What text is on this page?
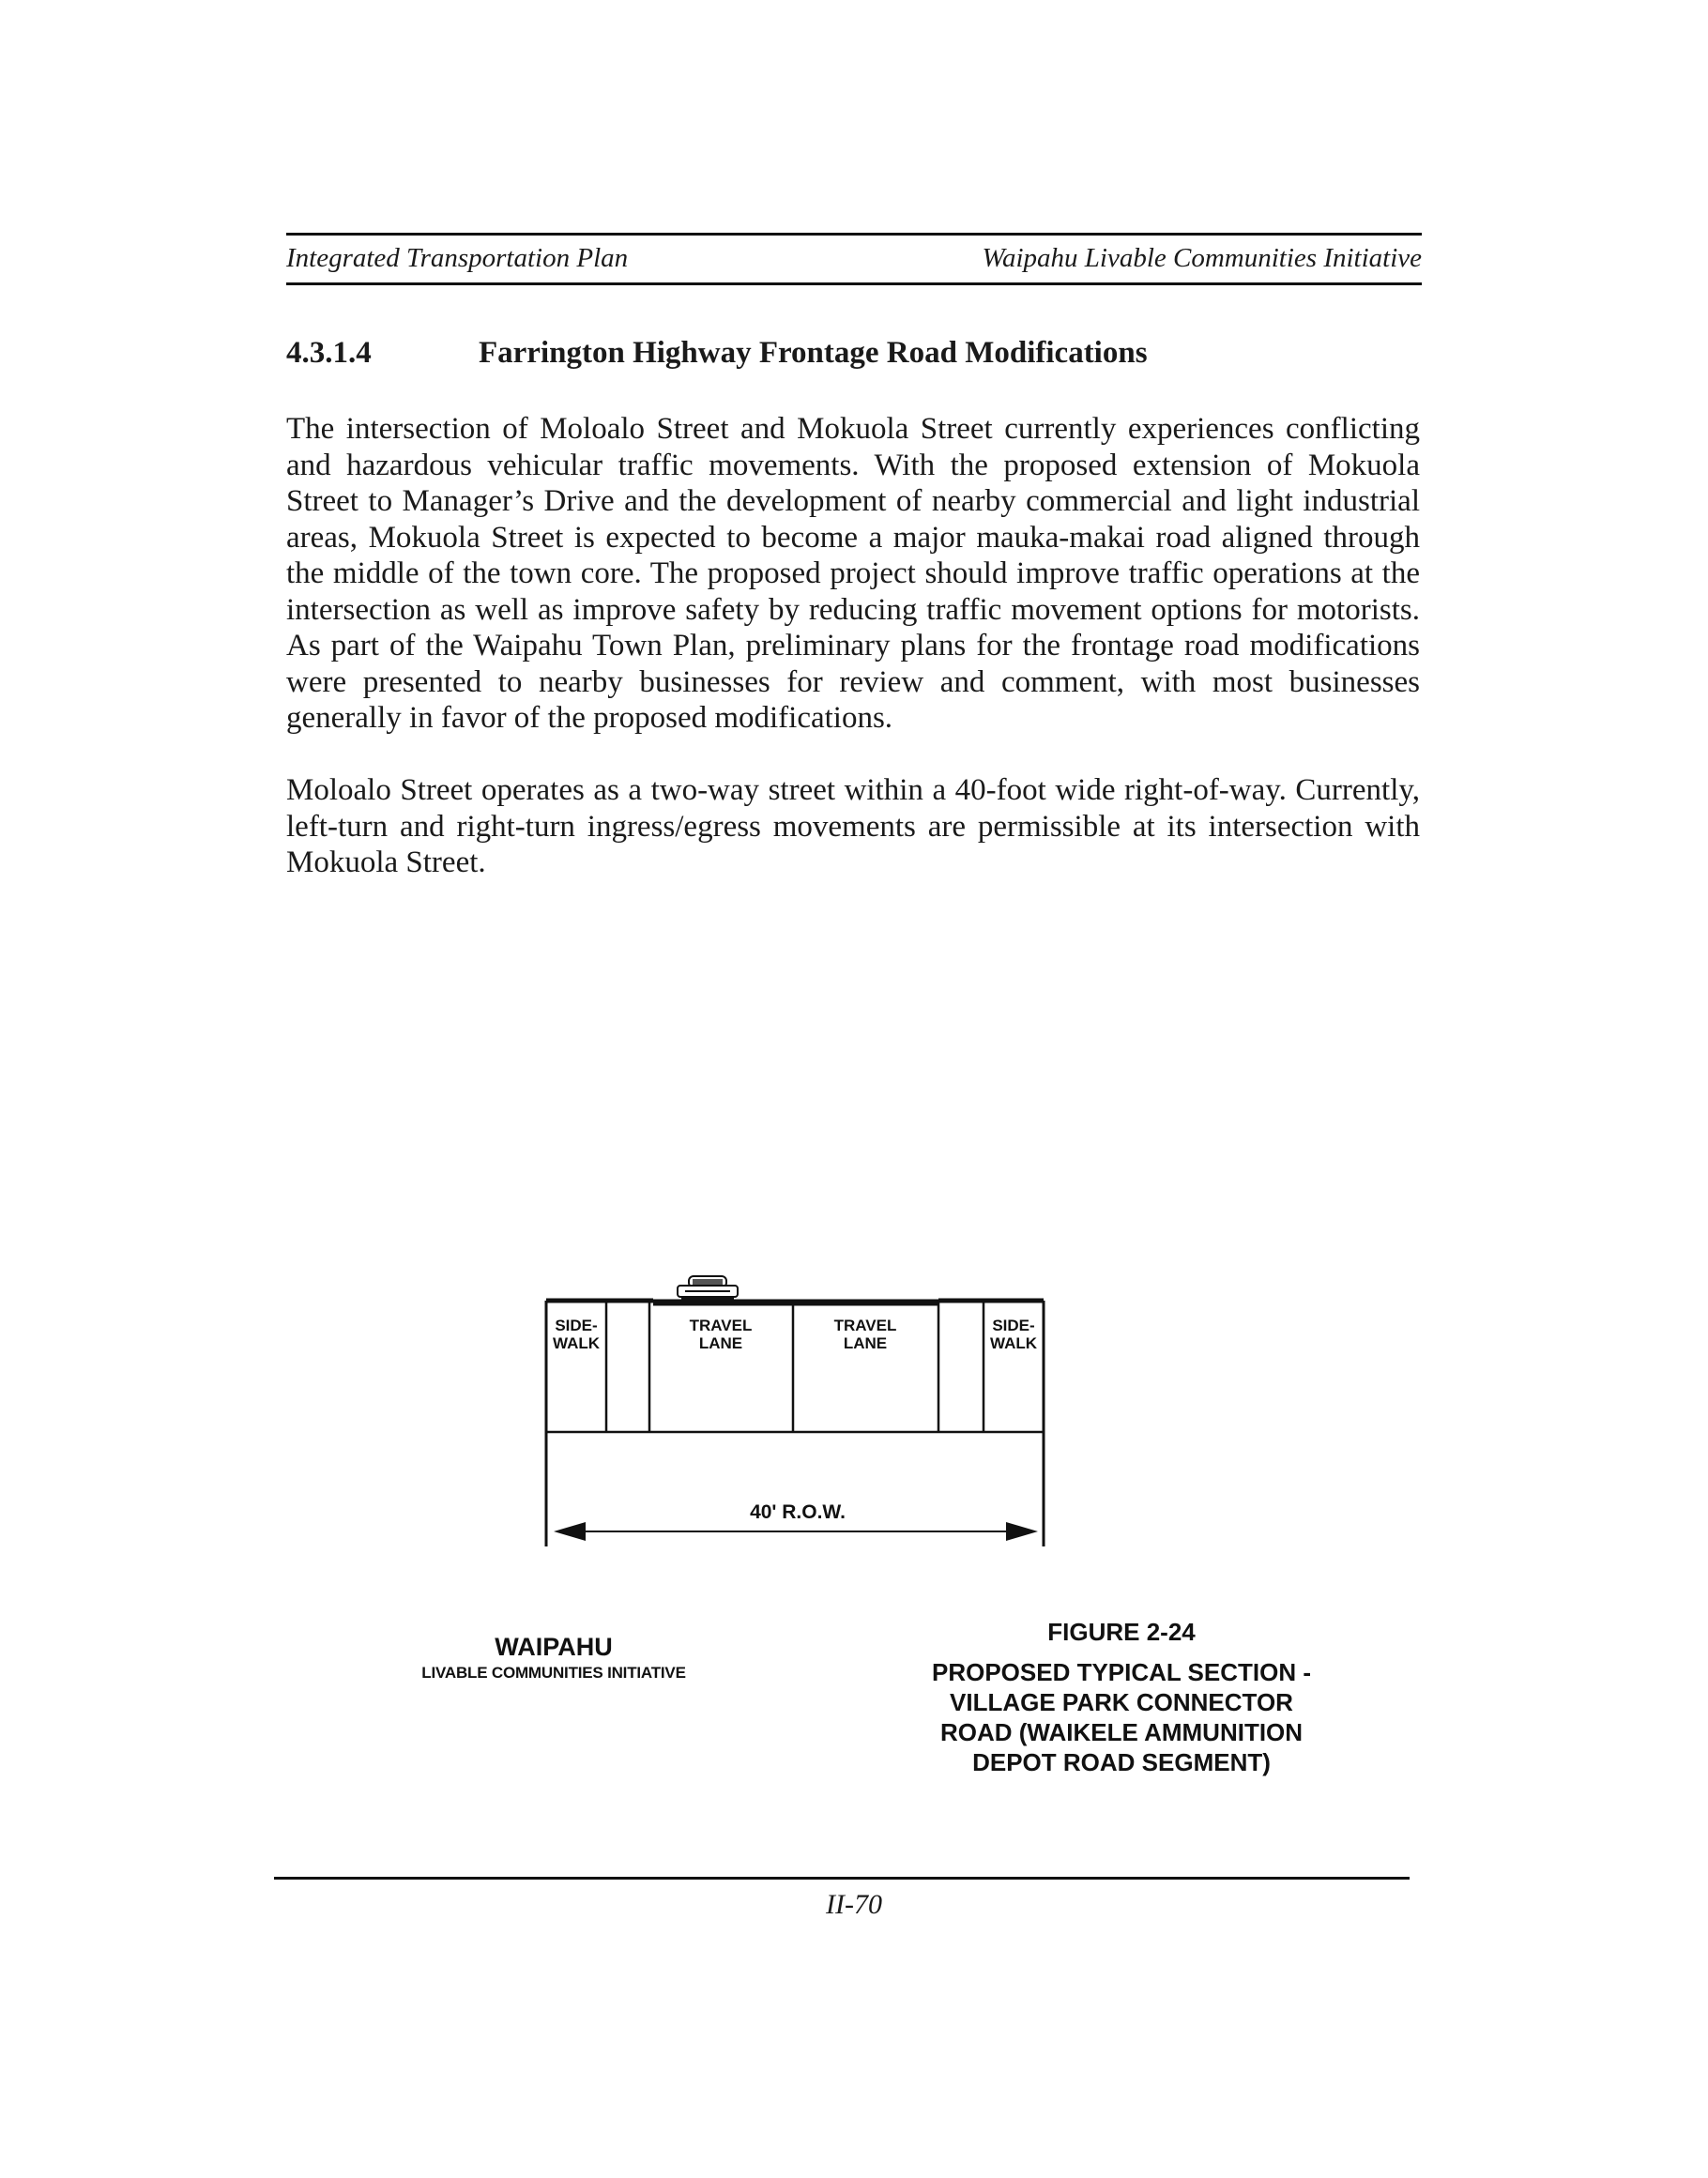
Integrated Transportation Plan	Waipahu Livable Communities Initiative
4.3.1.4	Farrington Highway Frontage Road Modifications
The intersection of Moloalo Street and Mokuola Street currently experiences conflicting and hazardous vehicular traffic movements. With the proposed extension of Mokuola Street to Manager’s Drive and the development of nearby commercial and light industrial areas, Mokuola Street is expected to become a major mauka-makai road aligned through the middle of the town core. The proposed project should improve traffic operations at the intersection as well as improve safety by reducing traffic movement options for motorists. As part of the Waipahu Town Plan, preliminary plans for the frontage road modifications were presented to nearby businesses for review and comment, with most businesses generally in favor of the proposed modifications.
Moloalo Street operates as a two-way street within a 40-foot wide right-of-way. Currently, left-turn and right-turn ingress/egress movements are permissible at its intersection with Mokuola Street.
SIDE-
WALK
TRAVEL
LANE
TRAVEL
LANE
SIDE-
WALK
40' R.O.W.
WAIPAHU
LIVABLE COMMUNITIES INITIATIVE
FIGURE 2-24
PROPOSED TYPICAL SECTION -
VILLAGE PARK CONNECTOR
ROAD (WAIKELE AMMUNITION
DEPOT ROAD SEGMENT)
II-70
